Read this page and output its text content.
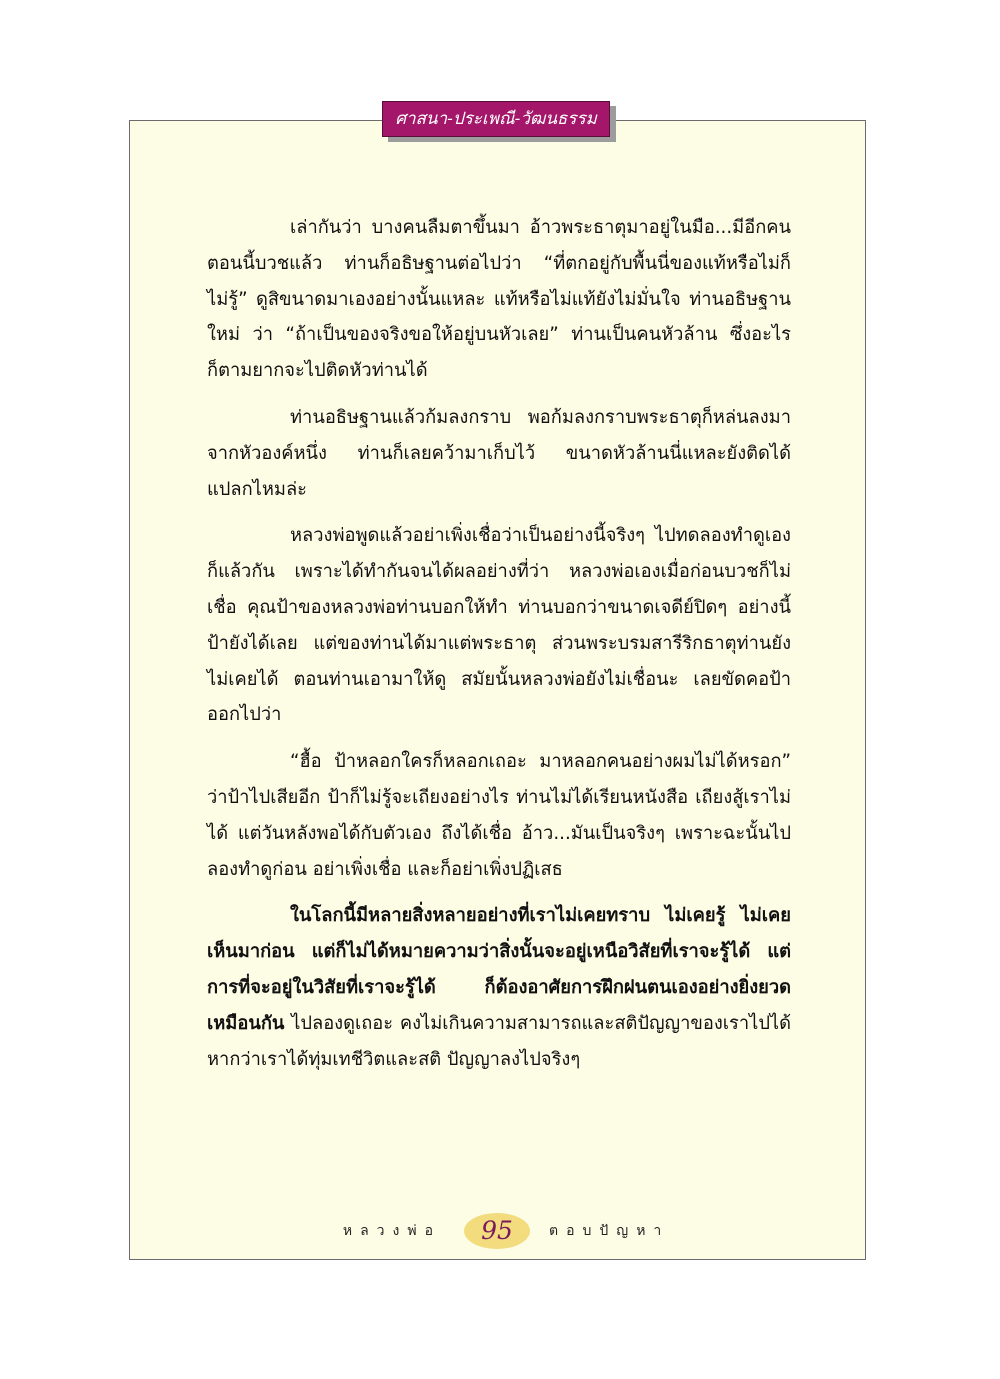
ศาสนา-ประเพณี-วัฒนธรรม

เล่ากันว่า บางคนลืมตาขึ้นมา อ้าวพระธาตุมาอยู่ในมือ...มีอีกคนตอนนี้บวชแล้ว ท่านก็อธิษฐานต่อไปว่า “ที่ตกอยู่กับพื้นนี่ของแท้หรือไม่ก็ไม่รู้” ดูสิขนาดมาเองอย่างนั้นแหละ แท้หรือไม่แท้ยังไม่มั่นใจ ท่านอธิษฐานใหม่ ว่า “ถ้าเป็นของจริงขอให้อยู่บนหัวเลย” ท่านเป็นคนหัวล้าน ซึ่งอะไรก็ตามยากจะไปติดหัวท่านได้

ท่านอธิษฐานแล้วก้มลงกราบ พอก้มลงกราบพระธาตุก็หล่นลงมาจากหัวองค์หนึ่ง ท่านก็เลยคว้ามาเก็บไว้ ขนาดหัวล้านนี่แหละยังติดได้ แปลกไหมล่ะ

หลวงพ่อพูดแล้วอย่าเพิ่งเชื่อว่าเป็นอย่างนี้จริงๆ ไปทดลองทำดูเองก็แล้วกัน เพราะได้ทำกันจนได้ผลอย่างที่ว่า หลวงพ่อเองเมื่อก่อนบวชก็ไม่เชื่อ คุณป้าของหลวงพ่อท่านบอกให้ทำ ท่านบอกว่าขนาดเจดีย์ปิดๆ อย่างนี้ ป้ายังได้เลย แต่ของท่านได้มาแต่พระธาตุ ส่วนพระบรมสารีริกธาตุท่านยังไม่เคยได้ ตอนท่านเอามาให้ดู สมัยนั้นหลวงพ่อยังไม่เชื่อนะ เลยขัดคอป้าออกไปว่า

“ฮื้อ ป้าหลอกใครก็หลอกเถอะ มาหลอกคนอย่างผมไม่ได้หรอก” ว่าป้าไปเสียอีก ป้าก็ไม่รู้จะเถียงอย่างไร ท่านไม่ได้เรียนหนังสือ เถียงสู้เราไม่ได้ แต่วันหลังพอได้กับตัวเอง ถึงได้เชื่อ อ้าว...มันเป็นจริงๆ เพราะฉะนั้นไปลองทำดูก่อน อย่าเพิ่งเชื่อ และก็อย่าเพิ่งปฏิเสธ

ในโลกนี้มีหลายสิ่งหลายอย่างที่เราไม่เคยทราบ ไม่เคยรู้ ไม่เคยเห็นมาก่อน แต่ก็ไม่ได้หมายความว่าสิ่งนั้นจะอยู่เหนือวิสัยที่เราจะรู้ได้ แต่การที่จะอยู่ในวิสัยที่เราจะรู้ได้ ก็ต้องอาศัยการฝึกฝนตนเองอย่างยิ่งยวดเหมือนกัน ไปลองดูเถอะ คงไม่เกินความสามารถและสติปัญญาของเราไปได้ หากว่าเราได้ทุ่มเทชีวิตและสติ ปัญญาลงไปจริงๆ

หลวงพ่อ	95	ตอบปัญหา
